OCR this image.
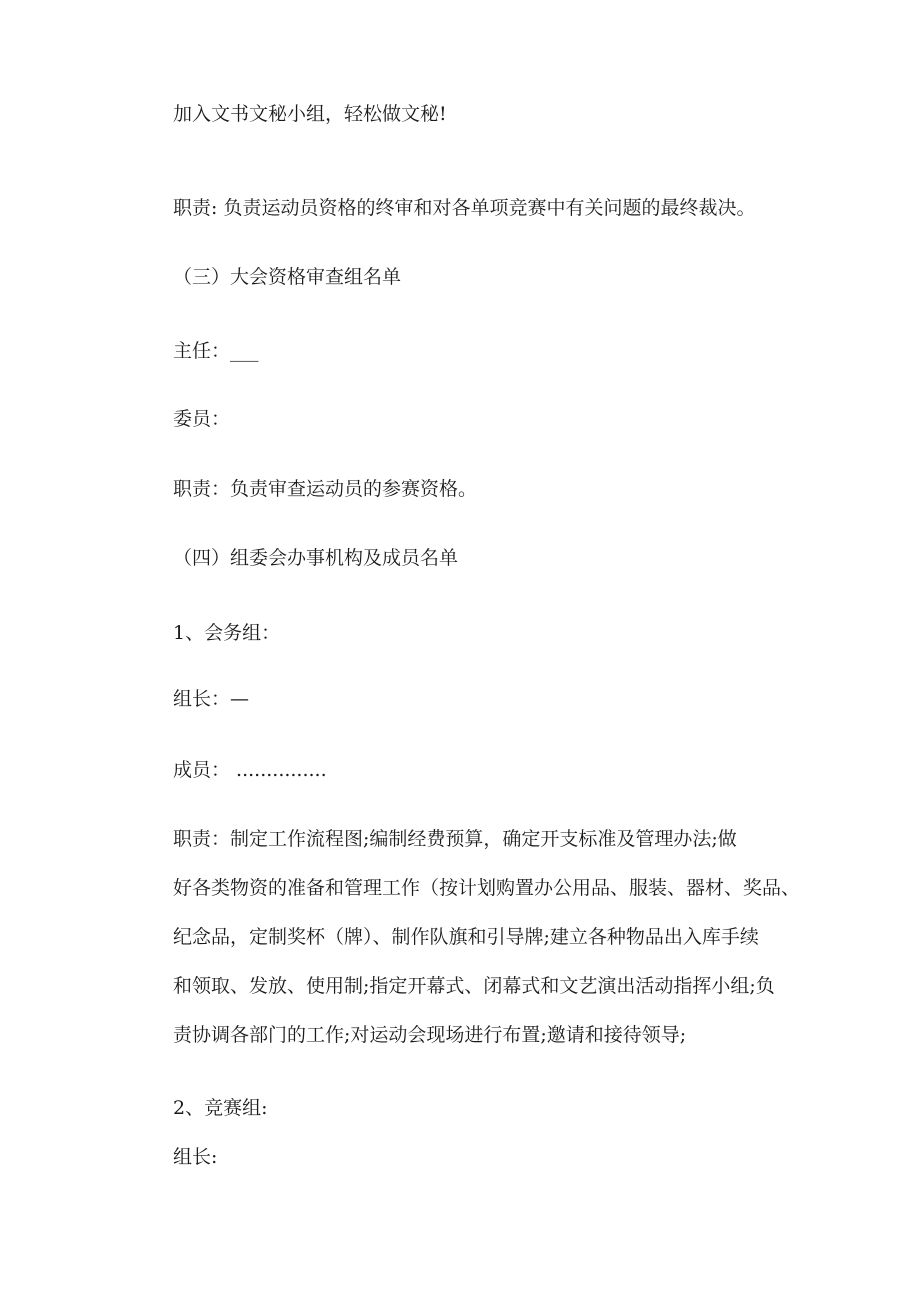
加入文书文秘小组，轻松做文秘!
职责: 负责运动员资格的终审和对各单项竞赛中有关问题的最终裁决。
（三）大会资格审查组名单
主任：___
委员：
职责：负责审查运动员的参赛资格。
（四）组委会办事机构及成员名单
1、会务组：
组长：—
成员： ...............
职责：制定工作流程图;编制经费预算，确定开支标准及管理办法;做
好各类物资的准备和管理工作（按计划购置办公用品、服装、器材、奖品、
纪念品，定制奖杯（牌）、制作队旗和引导牌;建立各种物品出入库手续
和领取、发放、使用制;指定开幕式、闭幕式和文艺演出活动指挥小组;负
责协调各部门的工作;对运动会现场进行布置;邀请和接待领导;
2、竞赛组:
组长:
